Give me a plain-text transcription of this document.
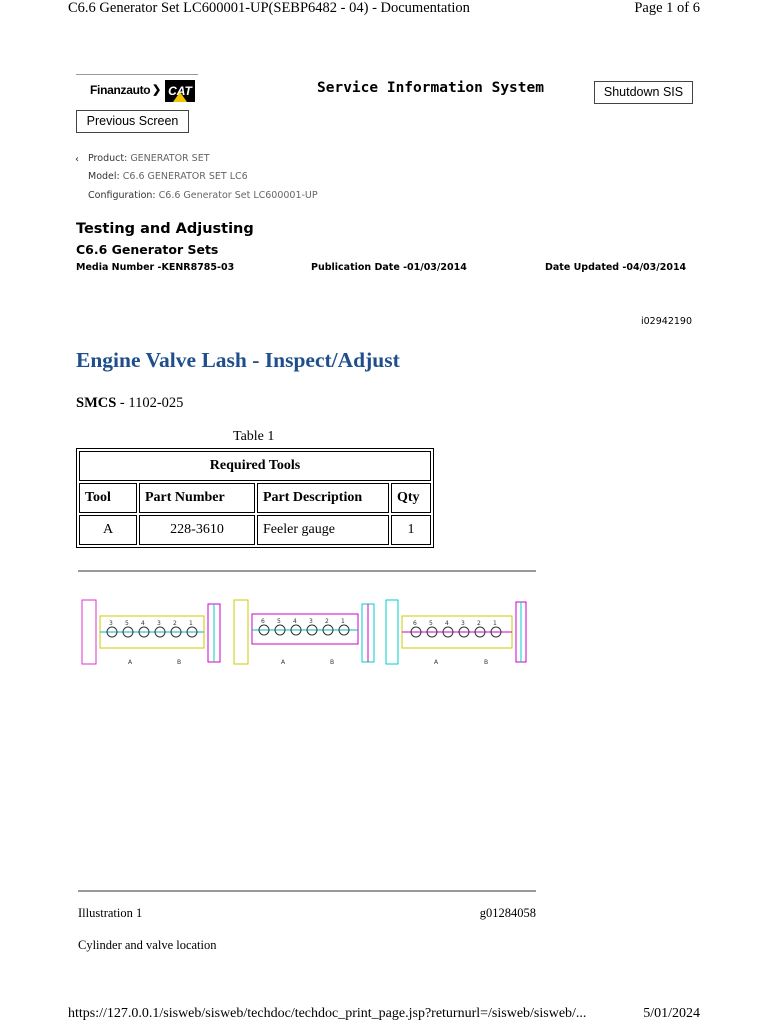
C6.6 Generator Set LC600001-UP(SEBP6482 - 04) - Documentation	Page 1 of 6
Finanzauto ❯ CAT	Service Information System	Shutdown SIS
Previous Screen
‹ Product: GENERATOR SET
Model: C6.6 GENERATOR SET LC6
Configuration: C6.6 Generator Set LC600001-UP
Testing and Adjusting
C6.6 Generator Sets
Media Number -KENR8785-03	Publication Date -01/03/2014	Date Updated -04/03/2014
i02942190
Engine Valve Lash - Inspect/Adjust
SMCS - 1102-025
Table 1
Required Tools			
Tool	Part Number	Part Description	Qty
A	228-3610	Feeler gauge	1
3 5 4 3 2 1
A	B
6 5 4 3 2 1
A	B
6 5 4 3 2 1
A	B
Illustration 1	g01284058
Cylinder and valve location
https://127.0.0.1/sisweb/sisweb/techdoc/techdoc_print_page.jsp?returnurl=/sisweb/sisweb/...	5/01/2024
